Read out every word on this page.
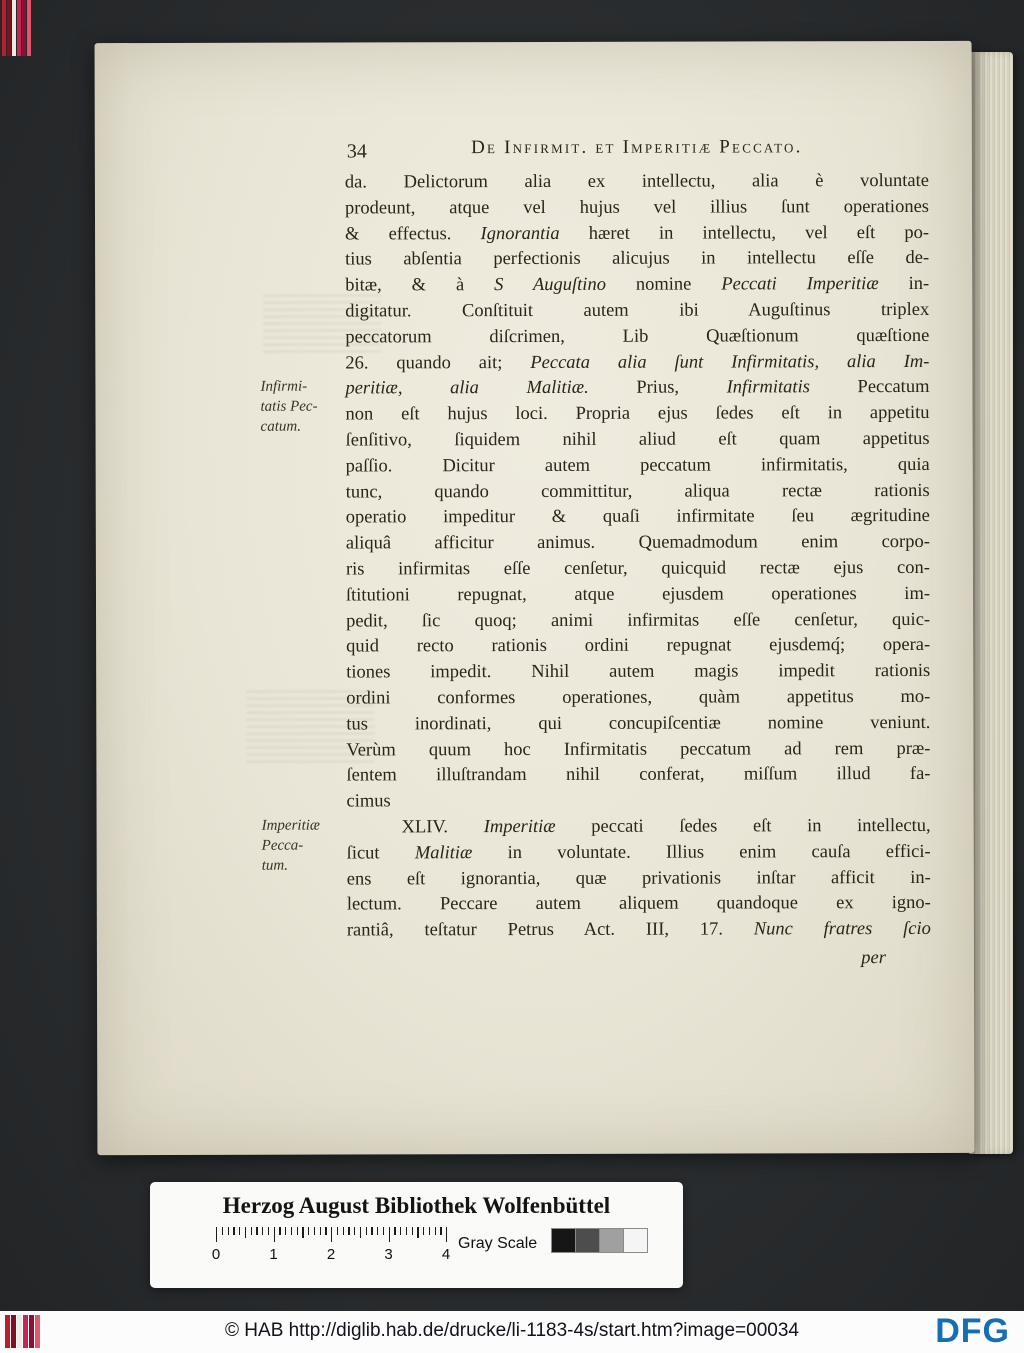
Infirmi-
tatis Pec-
catum.
Imperitiæ
Pecca-
tum.
34	De Infirmit. et Imperitiæ Peccato.
da. Delictorum alia ex intellectu, alia è voluntate
prodeunt, atque vel hujus vel illius ſunt operationes
& effectus. Ignorantia hæret in intellectu, vel eſt po-
tius abſentia perfectionis alicujus in intellectu eſſe de-
bitæ, & à S Auguſtino nomine Peccati Imperitiæ in-
digitatur. Conſtituit autem ibi Auguſtinus triplex
peccatorum diſcrimen, Lib Quæſtionum quæſtione
26. quando ait; Peccata alia ſunt Infirmitatis, alia Im-
peritiæ, alia Malitiæ. Prius, Infirmitatis Peccatum
non eſt hujus loci. Propria ejus ſedes eſt in appetitu
ſenſitivo, ſiquidem nihil aliud eſt quam appetitus
paſſio. Dicitur autem peccatum infirmitatis, quia
tunc, quando committitur, aliqua rectæ rationis
operatio impeditur & quaſi infirmitate ſeu ægritudine
aliquâ afficitur animus. Quemadmodum enim corpo-
ris infirmitas eſſe cenſetur, quicquid rectæ ejus con-
ſtitutioni repugnat, atque ejusdem operationes im-
pedit, ſic quoq; animi infirmitas eſſe cenſetur, quic-
quid recto rationis ordini repugnat ejusdemq́; opera-
tiones impedit. Nihil autem magis impedit rationis
ordini conformes operationes, quàm appetitus mo-
tus inordinati, qui concupiſcentiæ nomine veniunt.
Verùm quum hoc Infirmitatis peccatum ad rem præ-
ſentem illuſtrandam nihil conferat, miſſum illud fa-
cimus
XLIV. Imperitiæ peccati ſedes eſt in intellectu,
ſicut Malitiæ in voluntate. Illius enim cauſa effici-
ens eſt ignorantia, quæ privationis inſtar afficit in-
lectum. Peccare autem aliquem quandoque ex igno-
rantiâ, teſtatur Petrus Act. III, 17. Nunc fratres ſcio
per
Herzog August Bibliothek Wolfenbüttel
0	1	2	3	4
Gray Scale
© HAB http://diglib.hab.de/drucke/li-1183-4s/start.htm?image=00034	DFG
